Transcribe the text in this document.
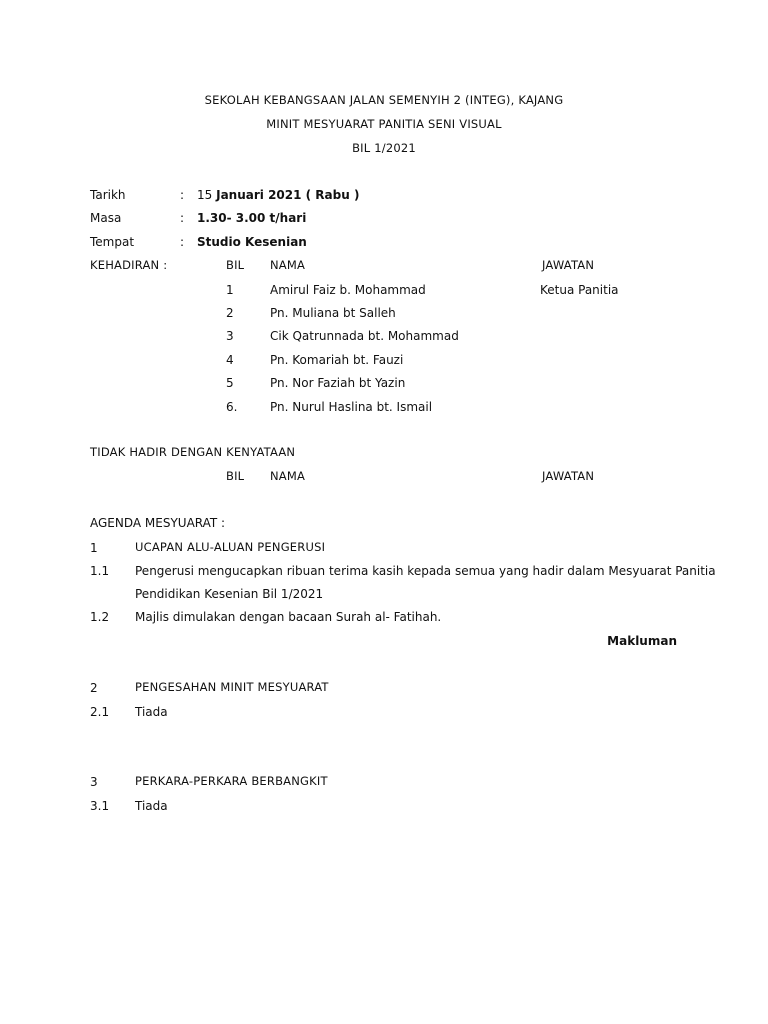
SEKOLAH KEBANGSAAN JALAN SEMENYIH 2 (INTEG), KAJANG
MINIT MESYUARAT PANITIA SENI VISUAL
BIL 1/2021
Tarikh	: 15 Januari 2021 ( Rabu )
Masa	: 1.30- 3.00 t/hari
Tempat	: Studio Kesenian
KEHADIRAN :	BIL NAMA	JAWATAN
1	Amirul Faiz b. Mohammad	Ketua Panitia
2	Pn. Muliana bt Salleh
3	Cik Qatrunnada bt. Mohammad
4	Pn. Komariah bt. Fauzi
5	Pn. Nor Faziah bt Yazin
6.	Pn. Nurul Haslina bt. Ismail
TIDAK HADIR DENGAN KENYATAAN
BIL NAMA	JAWATAN
AGENDA MESYUARAT :
1	UCAPAN ALU-ALUAN PENGERUSI
1.1 Pengerusi mengucapkan ribuan terima kasih kepada semua yang hadir dalam Mesyuarat Panitia
Pendidikan Kesenian Bil 1/2021
1.2 Majlis dimulakan dengan bacaan Surah al- Fatihah.
Makluman
2	PENGESAHAN MINIT MESYUARAT
2.1 Tiada
3	PERKARA-PERKARA BERBANGKIT
3.1 Tiada
